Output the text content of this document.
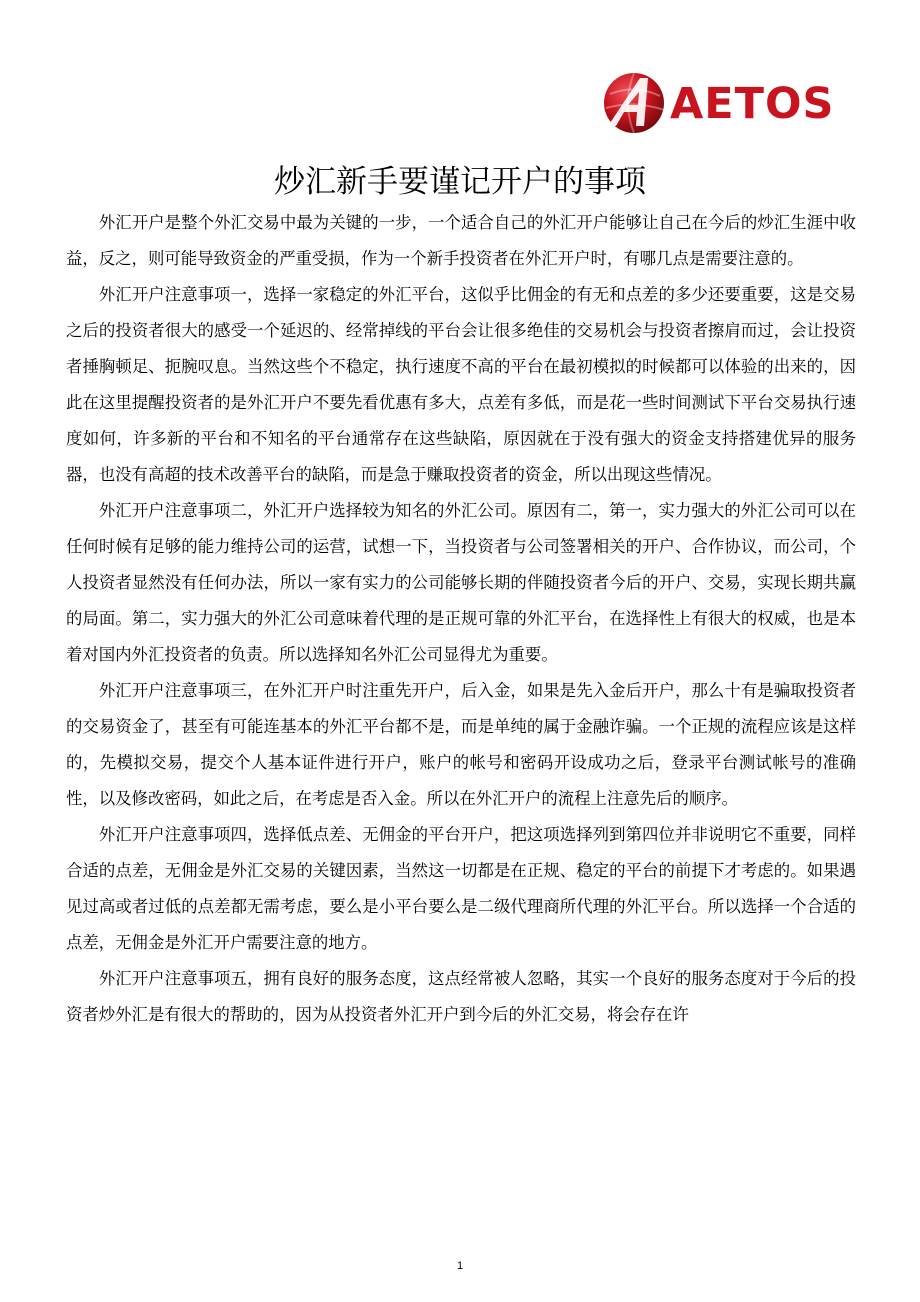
AETOS
炒汇新手要谨记开户的事项

外汇开户是整个外汇交易中最为关键的一步，一个适合自己的外汇开户能够让自己在今后的炒汇生涯中收益，反之，则可能导致资金的严重受损，作为一个新手投资者在外汇开户时，有哪几点是需要注意的。

外汇开户注意事项一，选择一家稳定的外汇平台，这似乎比佣金的有无和点差的多少还要重要，这是交易之后的投资者很大的感受一个延迟的、经常掉线的平台会让很多绝佳的交易机会与投资者擦肩而过，会让投资者捶胸顿足、扼腕叹息。当然这些个不稳定，执行速度不高的平台在最初模拟的时候都可以体验的出来的，因此在这里提醒投资者的是外汇开户不要先看优惠有多大，点差有多低，而是花一些时间测试下平台交易执行速度如何，许多新的平台和不知名的平台通常存在这些缺陷，原因就在于没有强大的资金支持搭建优异的服务器，也没有高超的技术改善平台的缺陷，而是急于赚取投资者的资金，所以出现这些情况。

外汇开户注意事项二，外汇开户选择较为知名的外汇公司。原因有二，第一，实力强大的外汇公司可以在任何时候有足够的能力维持公司的运营，试想一下，当投资者与公司签署相关的开户、合作协议，而公司，个人投资者显然没有任何办法，所以一家有实力的公司能够长期的伴随投资者今后的开户、交易，实现长期共赢的局面。第二，实力强大的外汇公司意味着代理的是正规可靠的外汇平台，在选择性上有很大的权威，也是本着对国内外汇投资者的负责。所以选择知名外汇公司显得尤为重要。

外汇开户注意事项三，在外汇开户时注重先开户，后入金，如果是先入金后开户，那么十有是骗取投资者的交易资金了，甚至有可能连基本的外汇平台都不是，而是单纯的属于金融诈骗。一个正规的流程应该是这样的，先模拟交易，提交个人基本证件进行开户，账户的帐号和密码开设成功之后，登录平台测试帐号的准确性，以及修改密码，如此之后，在考虑是否入金。所以在外汇开户的流程上注意先后的顺序。

外汇开户注意事项四，选择低点差、无佣金的平台开户，把这项选择列到第四位并非说明它不重要，同样合适的点差，无佣金是外汇交易的关键因素，当然这一切都是在正规、稳定的平台的前提下才考虑的。如果遇见过高或者过低的点差都无需考虑，要么是小平台要么是二级代理商所代理的外汇平台。所以选择一个合适的点差，无佣金是外汇开户需要注意的地方。

外汇开户注意事项五，拥有良好的服务态度，这点经常被人忽略，其实一个良好的服务态度对于今后的投资者炒外汇是有很大的帮助的，因为从投资者外汇开户到今后的外汇交易，将会存在许

1
